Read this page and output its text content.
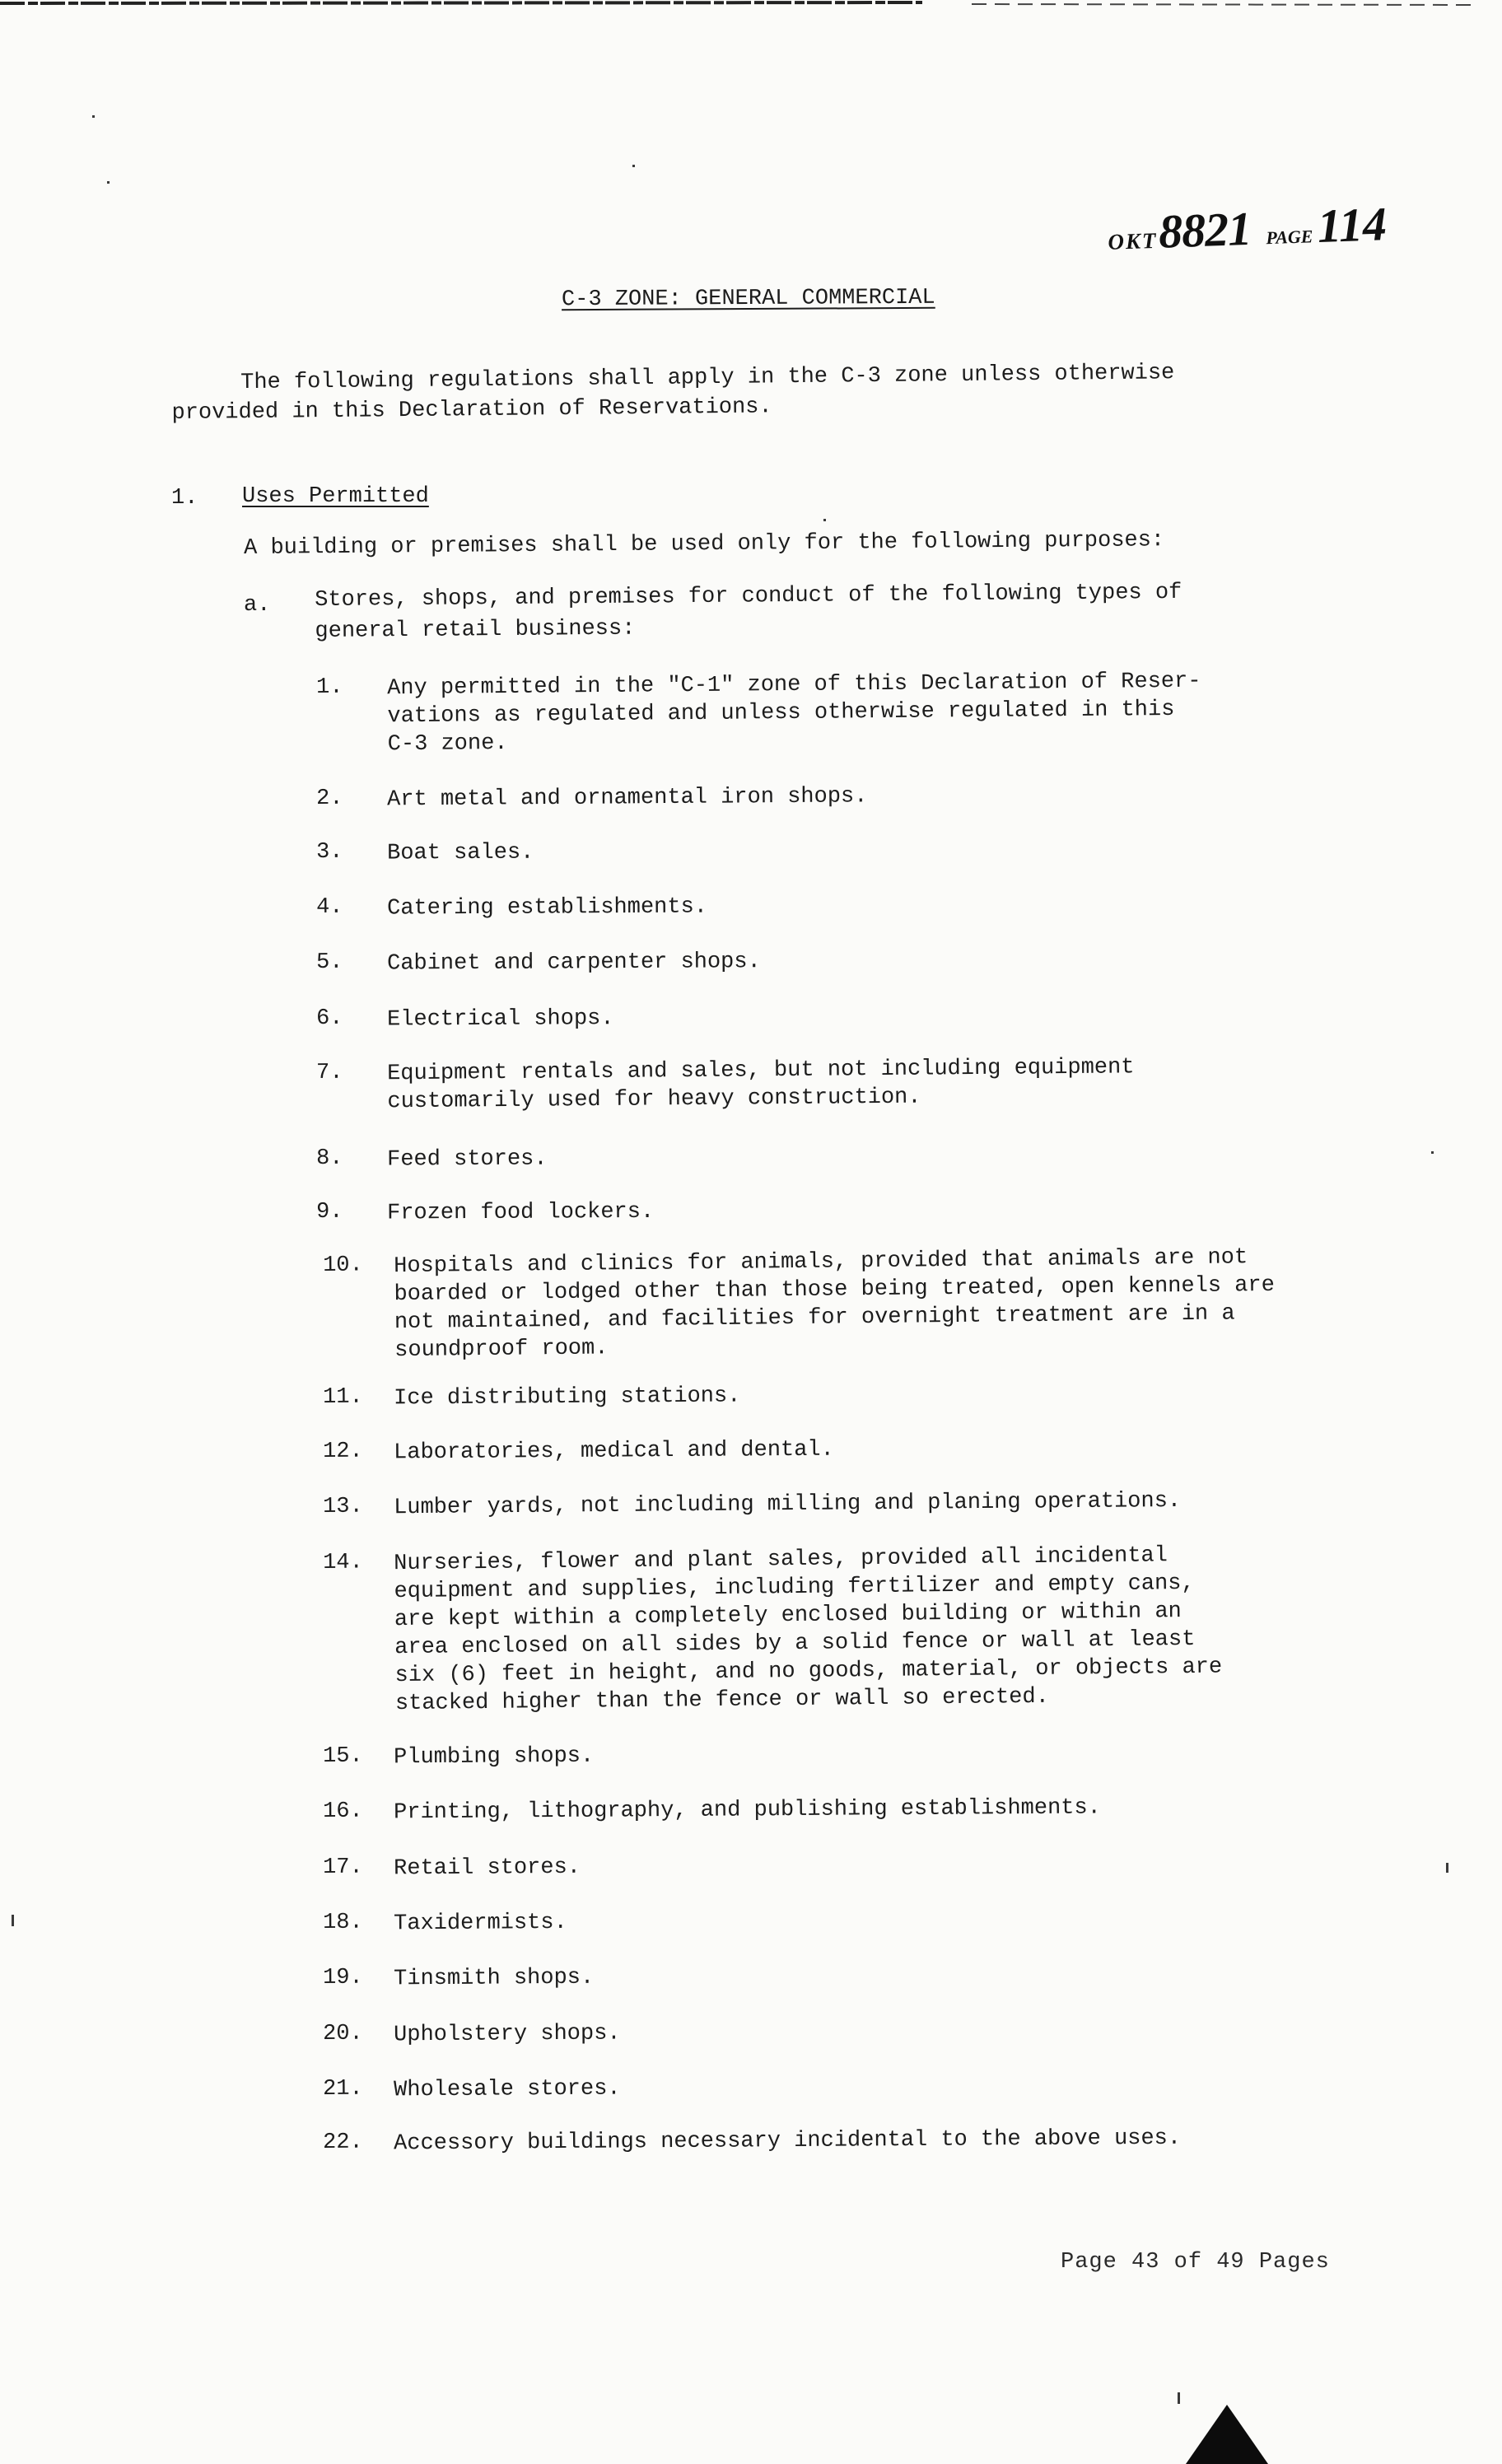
OKT8821 PAGE114
C-3 ZONE: GENERAL COMMERCIAL
The following regulations shall apply in the C-3 zone unless otherwise
provided in this Declaration of Reservations.
1. Uses Permitted
A building or premises shall be used only for the following purposes:
a. Stores, shops, and premises for conduct of the following types of
general retail business:
1. Any permitted in the "C-1" zone of this Declaration of Reser-
vations as regulated and unless otherwise regulated in this
C-3 zone.
2. Art metal and ornamental iron shops.
3. Boat sales.
4. Catering establishments.
5. Cabinet and carpenter shops.
6. Electrical shops.
7. Equipment rentals and sales, but not including equipment
customarily used for heavy construction.
8. Feed stores.
9. Frozen food lockers.
10. Hospitals and clinics for animals, provided that animals are not
boarded or lodged other than those being treated, open kennels are
not maintained, and facilities for overnight treatment are in a
soundproof room.
11. Ice distributing stations.
12. Laboratories, medical and dental.
13. Lumber yards, not including milling and planing operations.
14. Nurseries, flower and plant sales, provided all incidental
equipment and supplies, including fertilizer and empty cans,
are kept within a completely enclosed building or within an
area enclosed on all sides by a solid fence or wall at least
six (6) feet in height, and no goods, material, or objects are
stacked higher than the fence or wall so erected.
15. Plumbing shops.
16. Printing, lithography, and publishing establishments.
17. Retail stores.
18. Taxidermists.
19. Tinsmith shops.
20. Upholstery shops.
21. Wholesale stores.
22. Accessory buildings necessary incidental to the above uses.
Page 43 of 49 Pages
